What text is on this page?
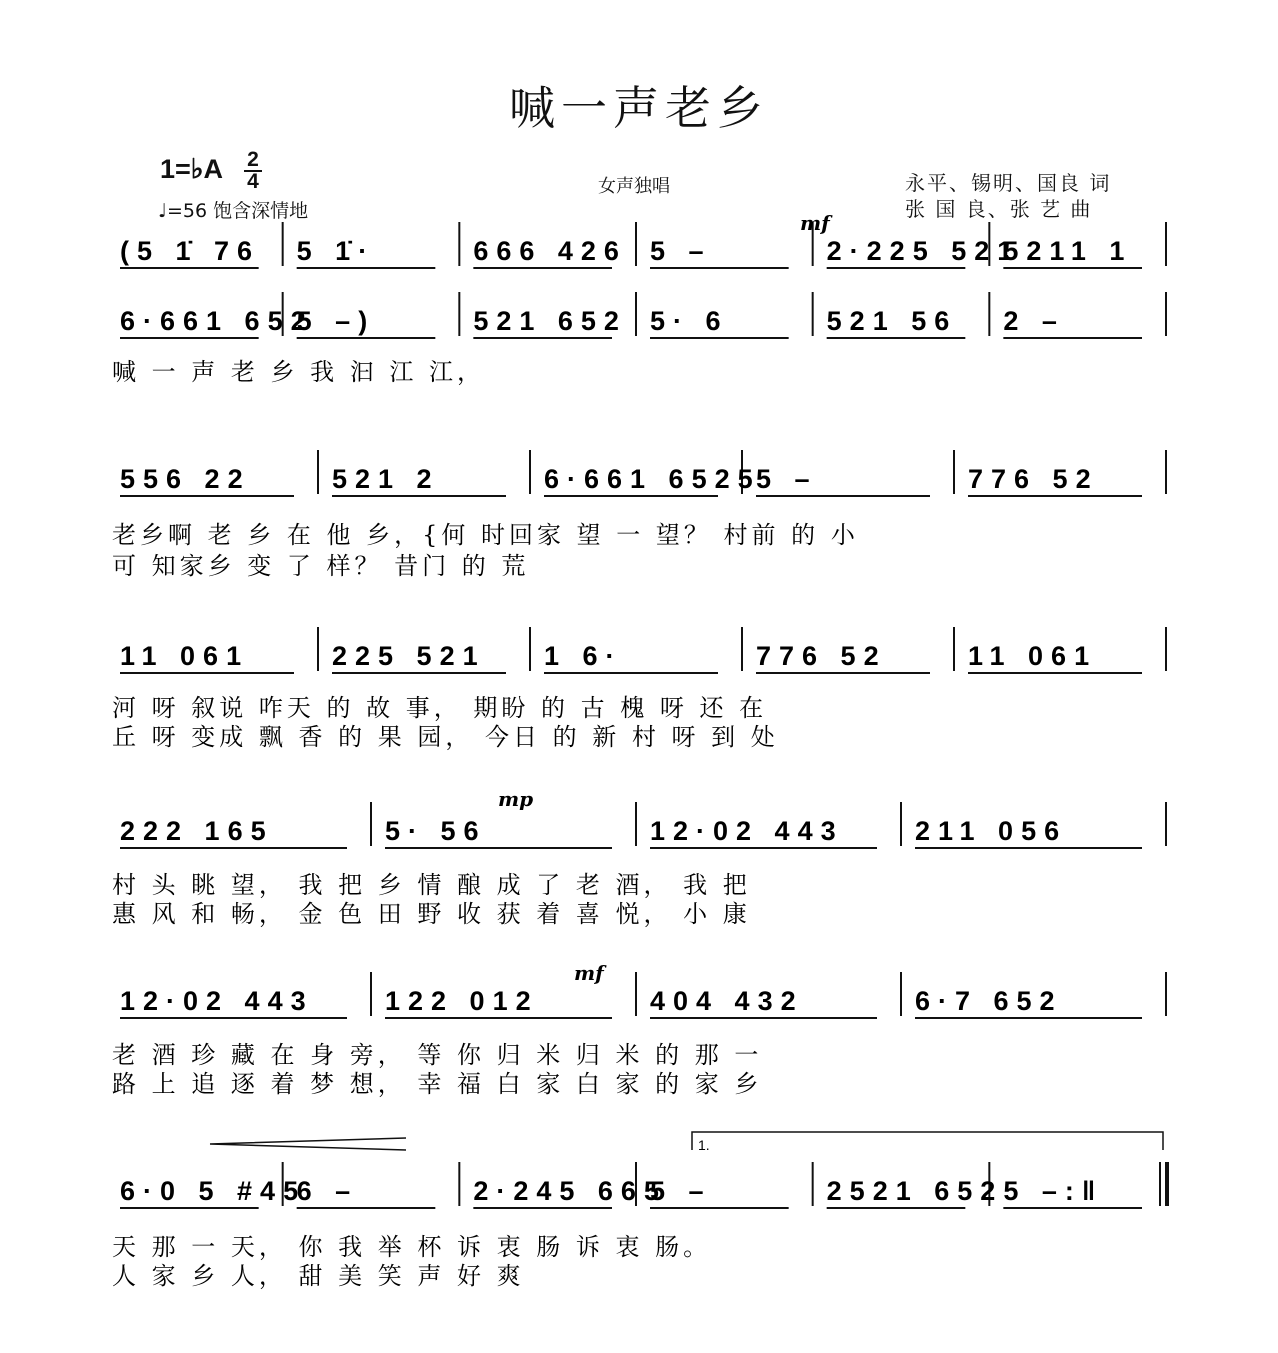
喊一声老乡
1=♭A 2
4
♩=56 饱含深情地
女声独唱	永平、锡明、国良 词
张 国 良、张 艺 曲
(5 1̇ 76 5 1̇·	666 426 5 –	2·225 521
5211 1
6·661 652
5 –)	521 652 5· 6	521 56 2 –
喊 一 声 老 乡 我 汩 江 江，
556 22	521 2	6·661 6525
5 –	776 52
老乡啊 老 乡 在 他 乡，{何 时回家 望 一 望？ 村前 的 小
可 知家乡 变 了 样？ 昔门 的 荒
11 061	225 521 1 6·	776 52	11 061
河 呀 叙说 咋天 的 故 事， 期盼 的 古 槐 呀 还 在
丘 呀 变成 飘 香 的 果 园， 今日 的 新 村 呀 到 处
222 165	5· 56	12·02 443	211 056
村 头 眺 望， 我 把 乡 情 酿 成 了 老 酒， 我 把
惠 风 和 畅， 金 色 田 野 收 获 着 喜 悦， 小 康
12·02 443	122 012	404 432	6·7 652
老 酒 珍 藏 在 身 旁， 等 你 归 米 归 米 的 那 一
路 上 追 逐 着 梦 想， 幸 福 白 家 白 家 的 家 乡
6·0 5 #45
6 –	2·245 665
5 –	2521 652 5 –:‖
天 那 一 天， 你 我 举 杯 诉 衷 肠 诉 衷 肠。
人 家 乡 人， 甜 美 笑 声 好 爽
mf
mp
mf
1.
